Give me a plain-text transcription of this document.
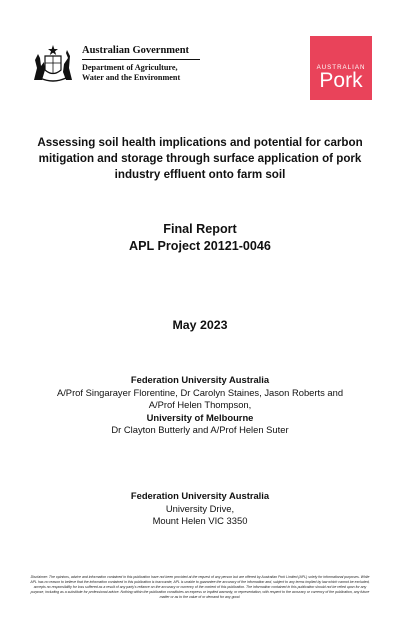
Australian Government
Department of Agriculture,
Water and the Environment
AUSTRALIAN
Pork
Assessing soil health implications and potential for carbon
mitigation and storage through surface application of pork
industry effluent onto farm soil
Final Report
APL Project 20121-0046
May 2023
Federation University Australia
A/Prof Singarayer Florentine, Dr Carolyn Staines, Jason Roberts and
A/Prof Helen Thompson,
University of Melbourne
Dr Clayton Butterly and A/Prof Helen Suter
Federation University Australia
University Drive,
Mount Helen VIC 3350
Disclaimer: The opinions, advice and information contained in this publication have not been provided at the request of any person but are offered by Australian Pork Limited (APL) solely for informational purposes. While APL has no reason to believe that the information contained in this publication is inaccurate, APL is unable to guarantee the accuracy of the information and, subject to any terms implied by law which cannot be excluded, accepts no responsibility for loss suffered as a result of any party's reliance on the accuracy or currency of the content of this publication. The information contained in this publication should not be relied upon for any purpose, including as a substitute for professional advice. Nothing within the publication constitutes an express or implied warranty, or representation, with respect to the accuracy or currency of the publication, any future matter or as to the value of or demand for any good.
